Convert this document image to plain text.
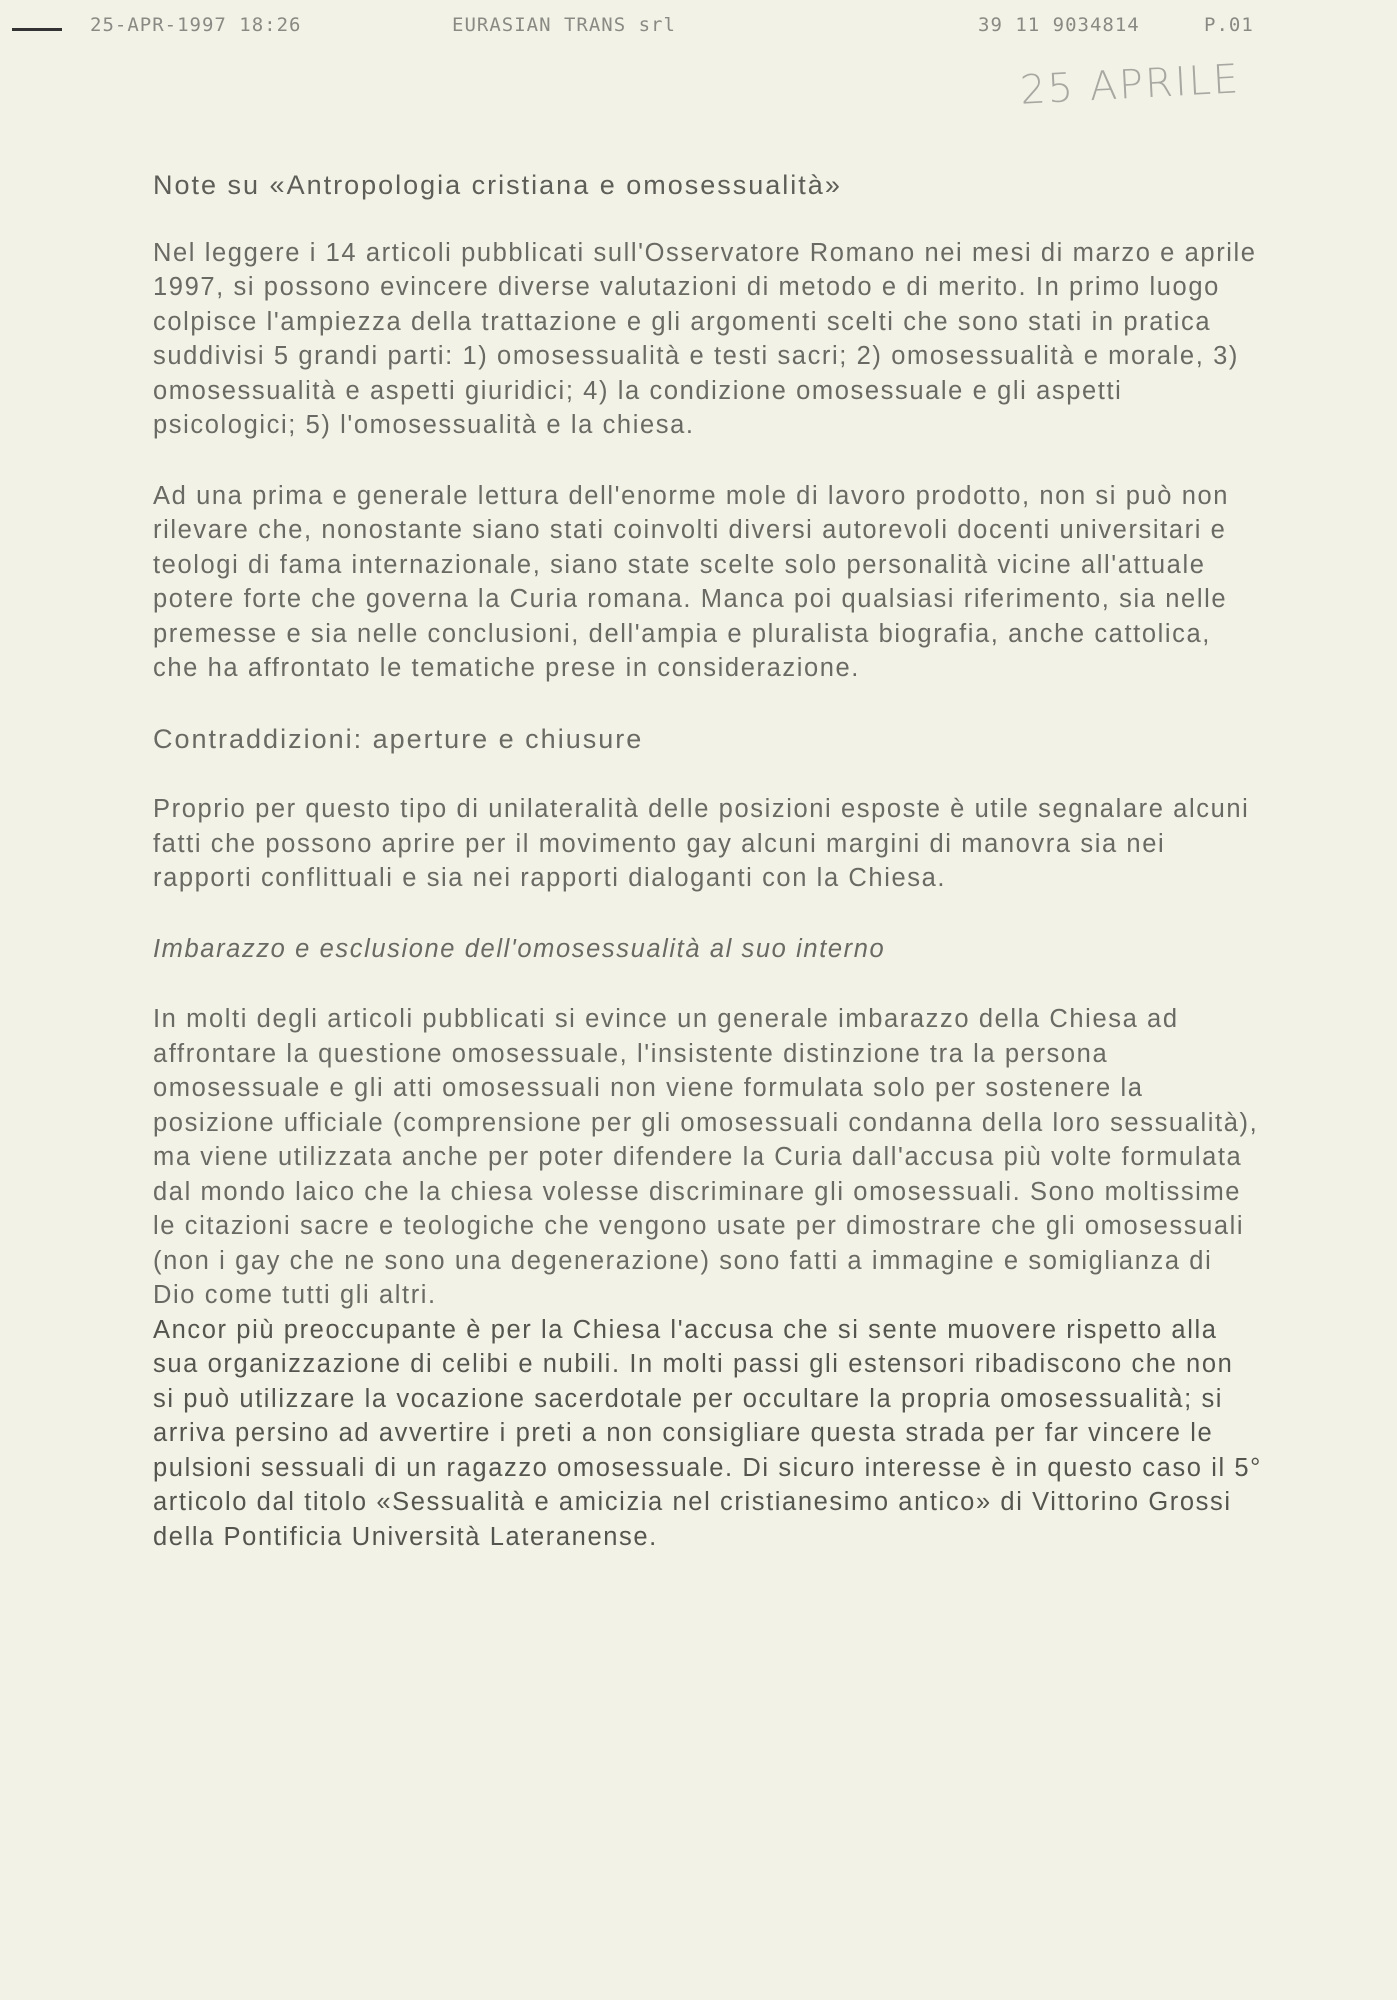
25-APR-1997 18:26	EURASIAN TRANS srl	39 11 9034814	P.01
25 APRILE
Note su «Antropologia cristiana e omosessualità»

Nel leggere i 14 articoli pubblicati sull'Osservatore Romano nei mesi di marzo e aprile 1997, si possono evincere diverse valutazioni di metodo e di merito. In primo luogo colpisce l'ampiezza della trattazione e gli argomenti scelti che sono stati in pratica suddivisi 5 grandi parti: 1) omosessualità e testi sacri; 2) omosessualità e morale, 3) omosessualità e aspetti giuridici; 4) la condizione omosessuale e gli aspetti psicologici; 5) l'omosessualità e la chiesa.

Ad una prima e generale lettura dell'enorme mole di lavoro prodotto, non si può non rilevare che, nonostante siano stati coinvolti diversi autorevoli docenti universitari e teologi di fama internazionale, siano state scelte solo personalità vicine all'attuale potere forte che governa la Curia romana. Manca poi qualsiasi riferimento, sia nelle premesse e sia nelle conclusioni, dell'ampia e pluralista biografia, anche cattolica, che ha affrontato le tematiche prese in considerazione.

Contraddizioni: aperture e chiusure

Proprio per questo tipo di unilateralità delle posizioni esposte è utile segnalare alcuni fatti che possono aprire per il movimento gay alcuni margini di manovra sia nei rapporti conflittuali e sia nei rapporti dialoganti con la Chiesa.

Imbarazzo e esclusione dell'omosessualità al suo interno

In molti degli articoli pubblicati si evince un generale imbarazzo della Chiesa ad affrontare la questione omosessuale, l'insistente distinzione tra la persona omosessuale e gli atti omosessuali non viene formulata solo per sostenere la posizione ufficiale (comprensione per gli omosessuali condanna della loro sessualità), ma viene utilizzata anche per poter difendere la Curia dall'accusa più volte formulata dal mondo laico che la chiesa volesse discriminare gli omosessuali. Sono moltissime le citazioni sacre e teologiche che vengono usate per dimostrare che gli omosessuali (non i gay che ne sono una degenerazione) sono fatti a immagine e somiglianza di Dio come tutti gli altri.

Ancor più preoccupante è per la Chiesa l'accusa che si sente muovere rispetto alla sua organizzazione di celibi e nubili. In molti passi gli estensori ribadiscono che non si può utilizzare la vocazione sacerdotale per occultare la propria omosessualità; si arriva persino ad avvertire i preti a non consigliare questa strada per far vincere le pulsioni sessuali di un ragazzo omosessuale. Di sicuro interesse è in questo caso il 5° articolo dal titolo «Sessualità e amicizia nel cristianesimo antico» di Vittorino Grossi della Pontificia Università Lateranense.
